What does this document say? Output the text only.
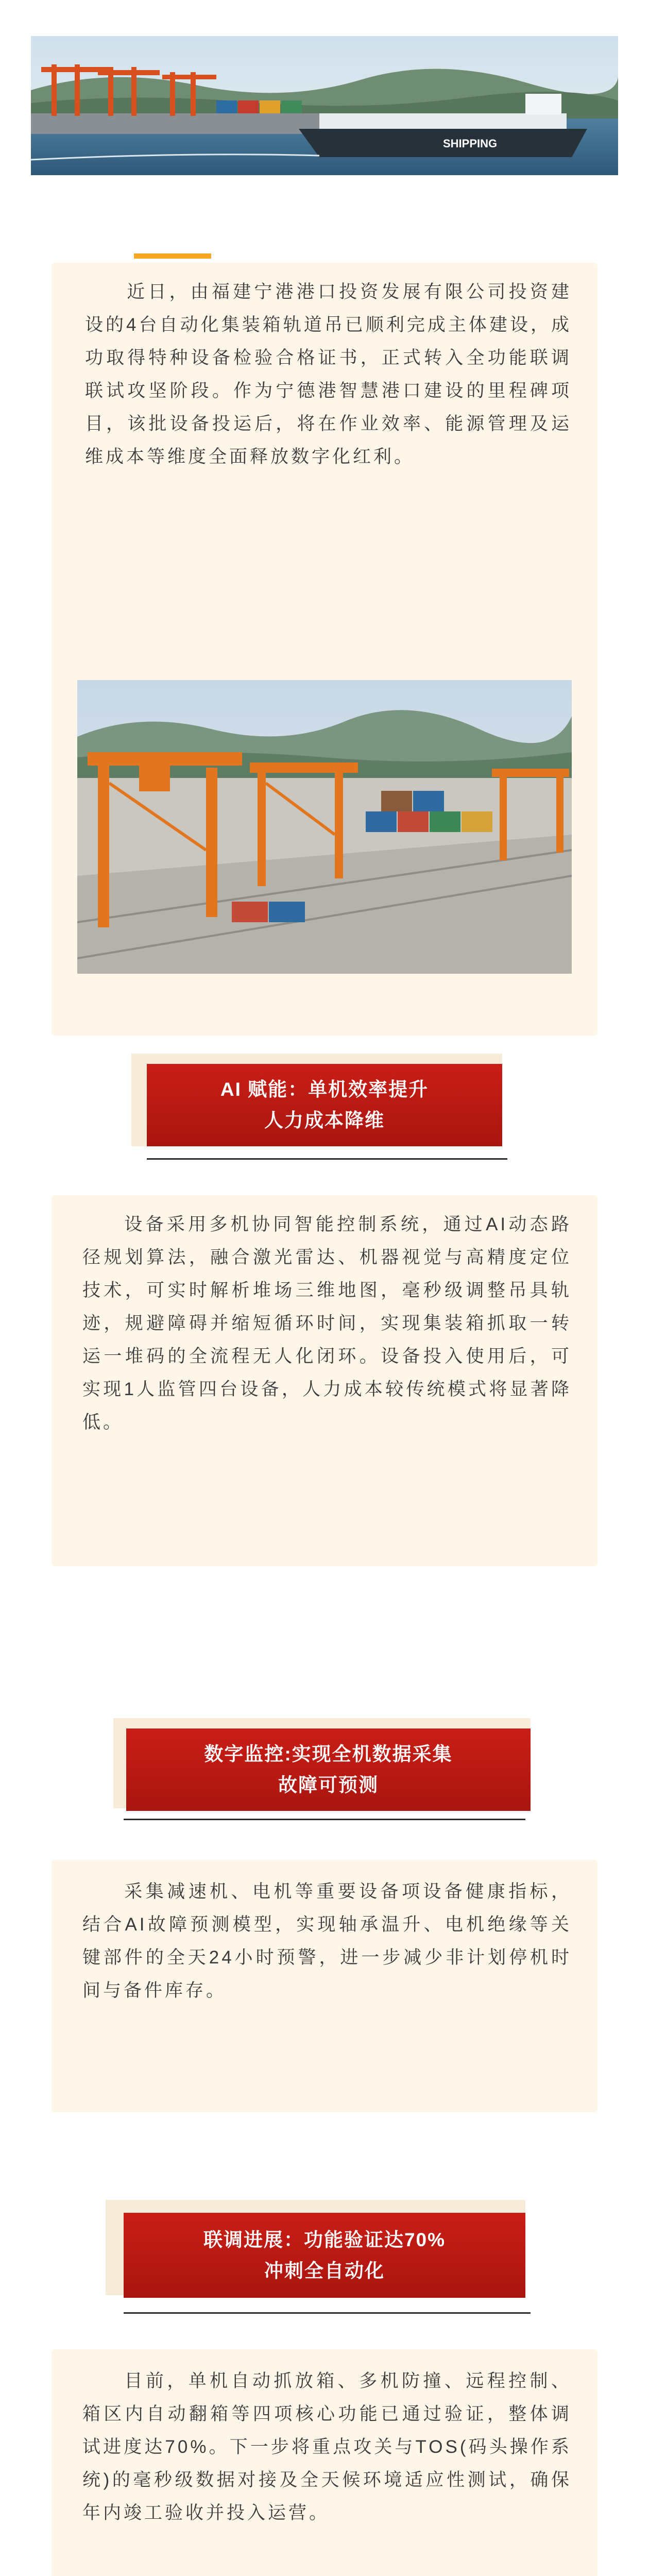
SHIPPING
近日，由福建宁港港口投资发展有限公司投资建设的4台自动化集装箱轨道吊已顺利完成主体建设，成功取得特种设备检验合格证书，正式转入全功能联调联试攻坚阶段。作为宁德港智慧港口建设的里程碑项目，该批设备投运后，将在作业效率、能源管理及运维成本等维度全面释放数字化红利。
AI 赋能：单机效率提升
人力成本降维
设备采用多机协同智能控制系统，通过AI动态路径规划算法，融合激光雷达、机器视觉与高精度定位技术，可实时解析堆场三维地图，毫秒级调整吊具轨迹，规避障碍并缩短循环时间，实现集装箱抓取一转运一堆码的全流程无人化闭环。设备投入使用后，可实现1人监管四台设备，人力成本较传统模式将显著降低。
数字监控:实现全机数据采集
故障可预测
采集减速机、电机等重要设备项设备健康指标，结合AI故障预测模型，实现轴承温升、电机绝缘等关键部件的全天24小时预警，进一步减少非计划停机时间与备件库存。
联调进展：功能验证达70%
冲刺全自动化
目前，单机自动抓放箱、多机防撞、远程控制、箱区内自动翻箱等四项核心功能已通过验证，整体调试进度达70%。下一步将重点攻关与TOS(码头操作系统)的毫秒级数据对接及全天候环境适应性测试，确保年内竣工验收并投入运营。
